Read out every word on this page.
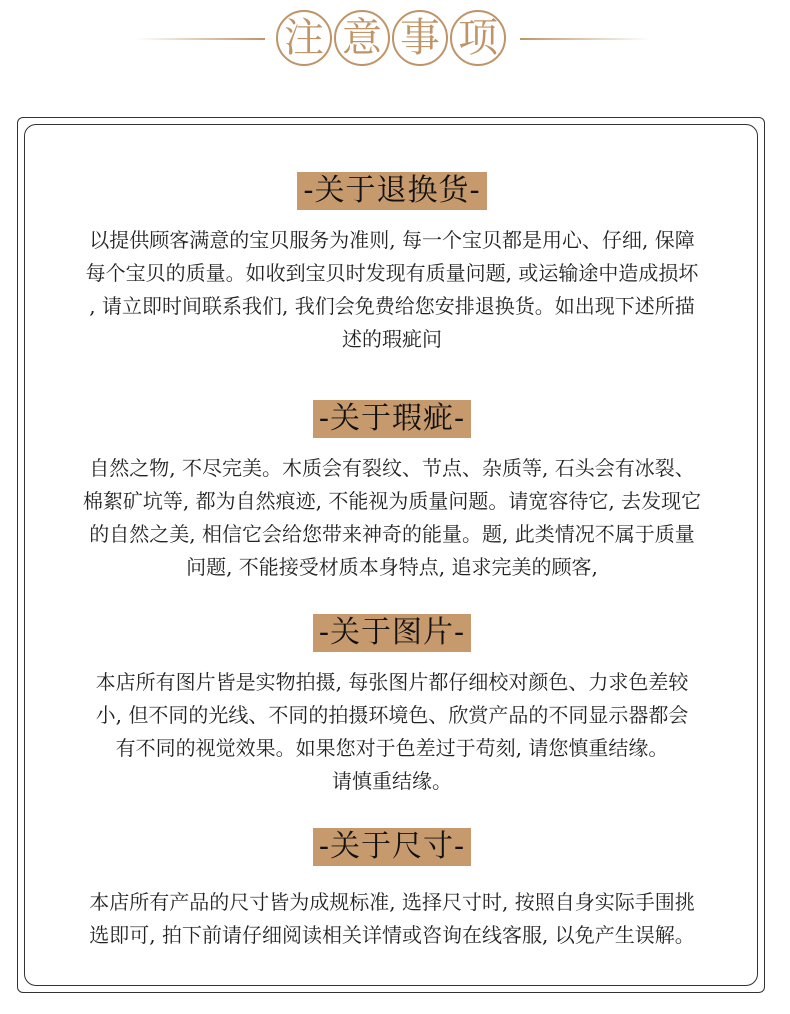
注 意 事 项
-关于退换货-

以提供顾客满意的宝贝服务为准则, 每一个宝贝都是用心、仔细, 保障

每个宝贝的质量。如收到宝贝时发现有质量问题, 或运输途中造成损坏

, 请立即时间联系我们, 我们会免费给您安排退换货。如出现下述所描

述的瑕疵问

-关于瑕疵-

自然之物, 不尽完美。木质会有裂纹、节点、杂质等, 石头会有冰裂、

棉絮矿坑等, 都为自然痕迹, 不能视为质量问题。请宽容待它, 去发现它

的自然之美, 相信它会给您带来神奇的能量。题, 此类情况不属于质量

问题, 不能接受材质本身特点, 追求完美的顾客,

-关于图片-

本店所有图片皆是实物拍摄, 每张图片都仔细校对颜色、力求色差较

小, 但不同的光线、不同的拍摄环境色、欣赏产品的不同显示器都会

有不同的视觉效果。如果您对于色差过于苟刻, 请您慎重结缘。

请慎重结缘。

-关于尺寸-

本店所有产品的尺寸皆为成规标准, 选择尺寸时, 按照自身实际手围挑

选即可, 拍下前请仔细阅读相关详情或咨询在线客服, 以免产生误解。
